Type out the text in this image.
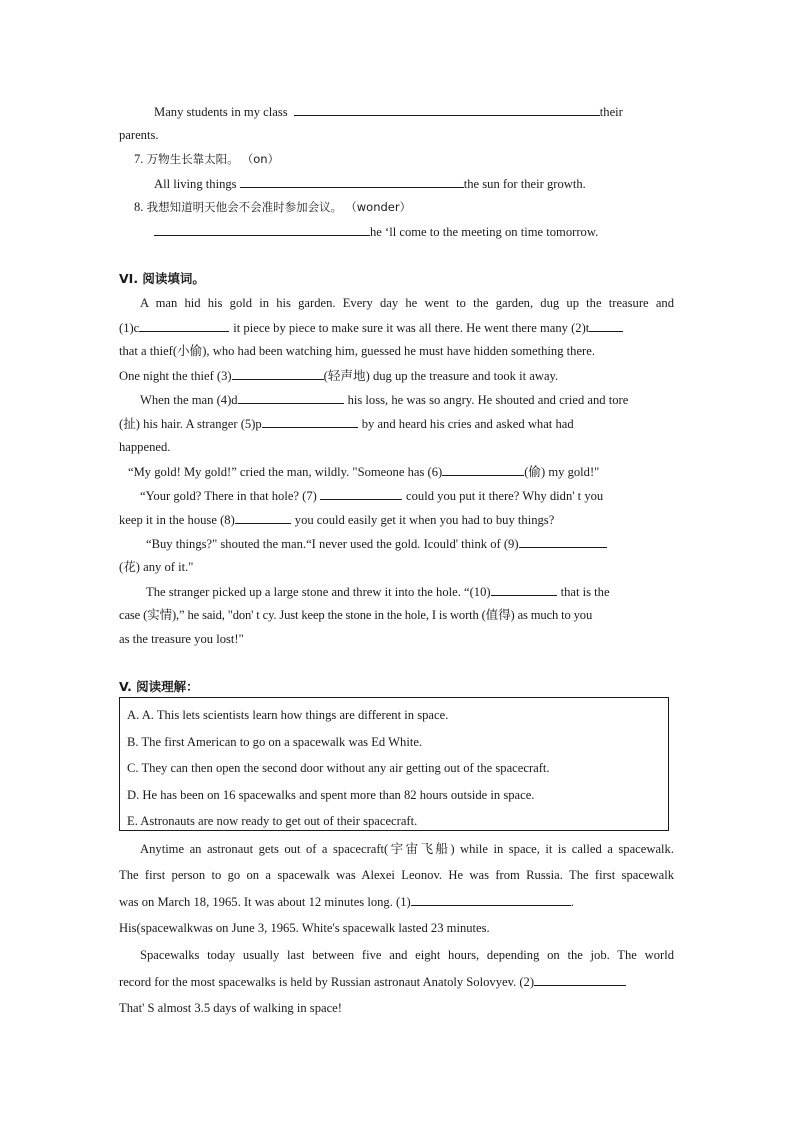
Many students in my class	their
parents.
7. 万物生长靠太阳。 （on）
All living things	the sun for their growth.
8. 我想知道明天他会不会准时参加会议。 （wonder）
he ‘ll come to the meeting on time tomorrow.
VI. 阅读填词。
A man hid his gold in his garden. Every day he went to the garden, dug up the treasure and
(1)c	it piece by piece to make sure it was all there. He went there many (2)t
that a thief(小偷), who had been watching him, guessed he must have hidden something there.
One night the thief (3)	(轻声地) dug up the treasure and took it away.
When the man (4)d	his loss, he was so angry. He shouted and cried and tore
(扯) his hair. A stranger (5)p	by and heard his cries and asked what had
happened.
“My gold! My gold!” cried the man, wildly. "Someone has (6)	(偷) my gold!"
“Your gold? There in that hole? (7)	could you put it there? Why didn' t you
keep it in the house (8)	you could easily get it when you had to buy things?
“Buy things?" shouted the man.“I never used the gold. Icould' think of (9)
(花) any of it."
The stranger picked up a large stone and threw it into the hole. “(10)	that is the
case (实情),” he said, "don' t cy. Just keep the stone in the hole, I is worth (值得) as much to you
as the treasure you lost!"
V. 阅读理解：
A. A. This lets scientists learn how things are different in space.
B. The first American to go on a spacewalk was Ed White.
C. They can then open the second door without any air getting out of the spacecraft.
D. He has been on 16 spacewalks and spent more than 82 hours outside in space.
E. Astronauts are now ready to get out of their spacecraft.
Anytime an astronaut gets out of a spacecraft(宇宙飞船) while in space, it is called a spacewalk.
The first person to go on a spacewalk was Alexei Leonov. He was from Russia. The first spacewalk
was on March 18, 1965. It was about 12 minutes long. (1)	.
His(spacewalkwas on June 3, 1965. White's spacewalk lasted 23 minutes.
Spacewalks today usually last between five and eight hours, depending on the job. The world
record for the most spacewalks is held by Russian astronaut Anatoly Solovyev. (2)
That' S almost 3.5 days of walking in space!
